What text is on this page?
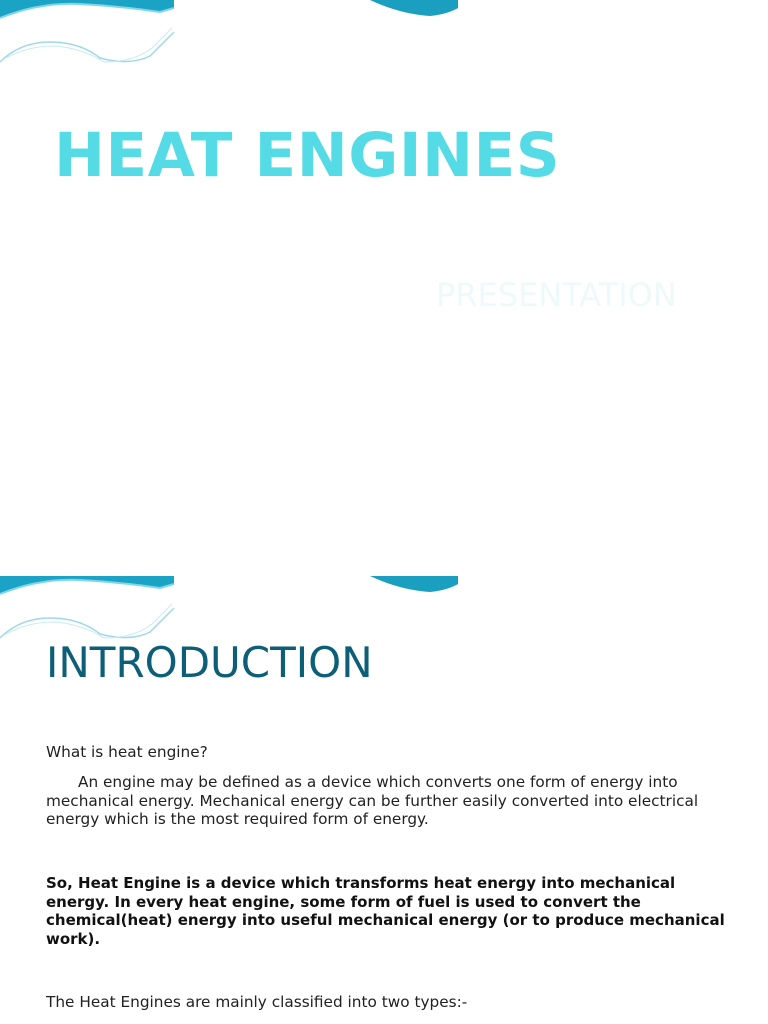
HEAT ENGINES
PRESENTATION
INTRODUCTION

What is heat engine?

An engine may be defined as a device which converts one form of energy into mechanical energy. Mechanical energy can be further easily converted into electrical energy which is the most required form of energy.

So, Heat Engine is a device which transforms heat energy into mechanical energy. In every heat engine, some form of fuel is used to convert the chemical(heat) energy into useful mechanical energy (or to produce mechanical work).

The Heat Engines are mainly classified into two types:-
